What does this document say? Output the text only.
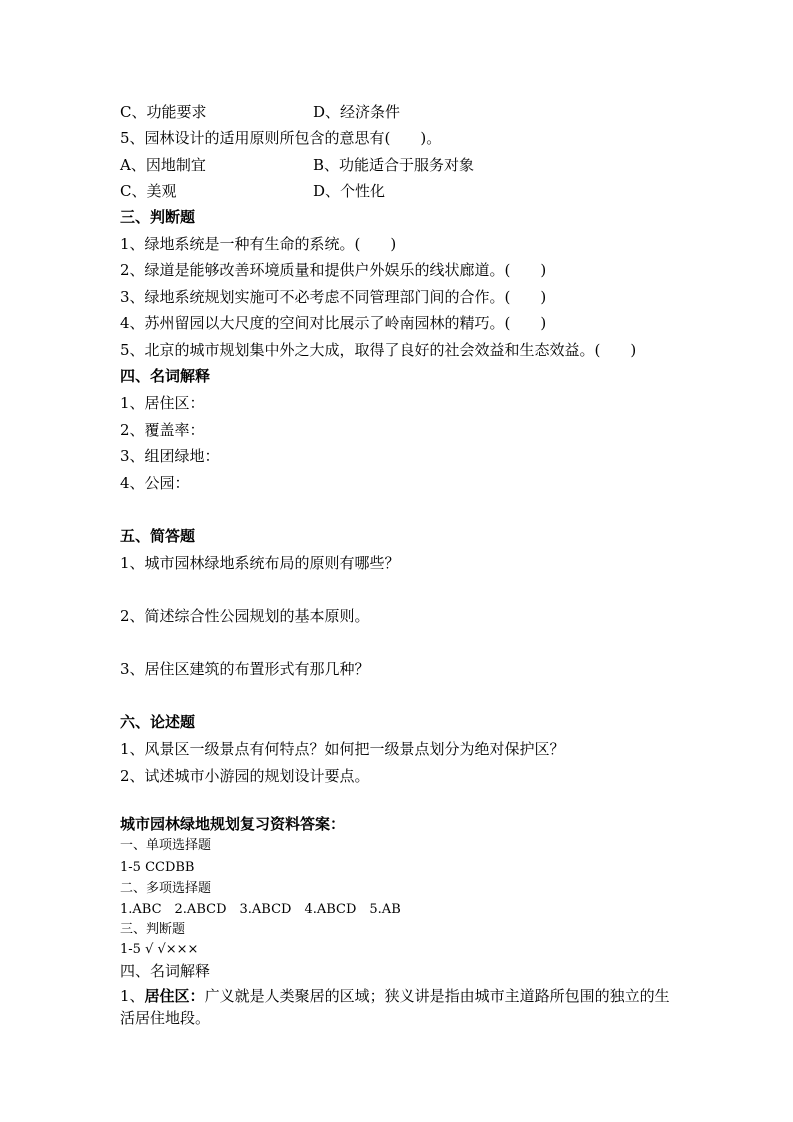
C、功能要求	D、经济条件
5、园林设计的适用原则所包含的意思有(　　)。
A、因地制宜	B、功能适合于服务对象
C、美观	D、个性化
三、判断题
1、绿地系统是一种有生命的系统。(　　)
2、绿道是能够改善环境质量和提供户外娱乐的线状廊道。(　　)
3、绿地系统规划实施可不必考虑不同管理部门间的合作。(　　)
4、苏州留园以大尺度的空间对比展示了岭南园林的精巧。(　　)
5、北京的城市规划集中外之大成，取得了良好的社会效益和生态效益。(　　)
四、名词解释
1、居住区：
2、覆盖率：
3、组团绿地：
4、公园：
五、简答题
1、城市园林绿地系统布局的原则有哪些？
2、简述综合性公园规划的基本原则。
3、居住区建筑的布置形式有那几种？
六、论述题
1、风景区一级景点有何特点？如何把一级景点划分为绝对保护区？
2、试述城市小游园的规划设计要点。
城市园林绿地规划复习资料答案：
一、单项选择题
1-5 CCDBB
二、多项选择题
1.ABC　2.ABCD　3.ABCD　4.ABCD　5.AB
三、判断题
1-5 √ √×××
四、名词解释
1、居住区：广义就是人类聚居的区域；狭义讲是指由城市主道路所包围的独立的生活居住地段。
